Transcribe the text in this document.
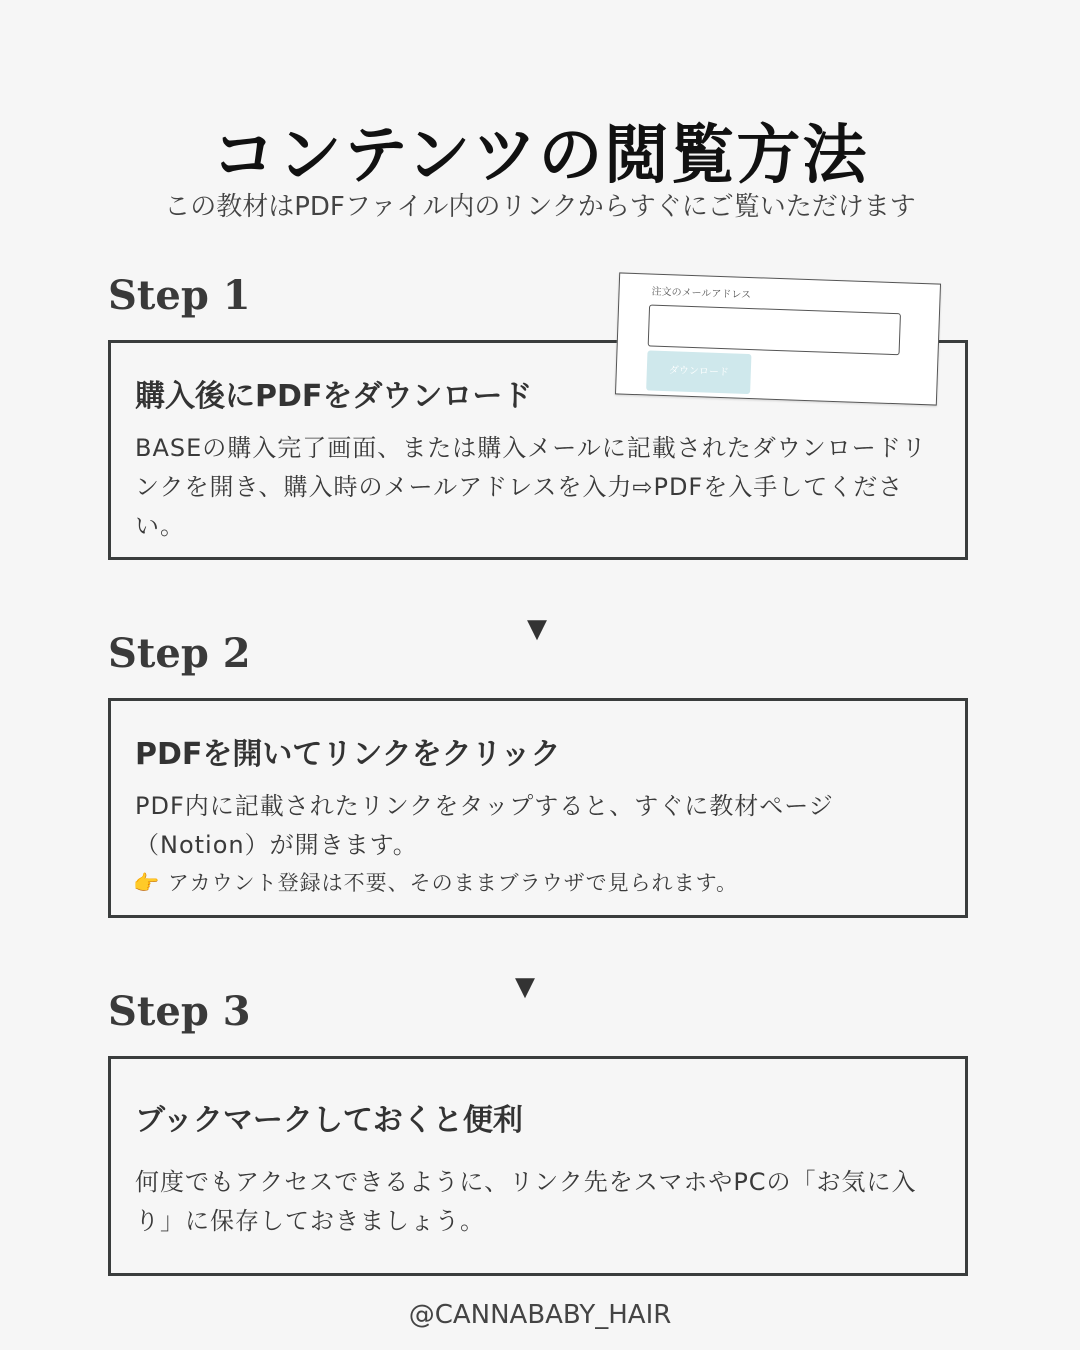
コンテンツの閲覧方法
この教材はPDFファイル内のリンクからすぐにご覧いただけます
Step 1
購入後にPDFをダウンロード
BASEの購入完了画面、または購入メールに記載されたダウンロードリンクを開き、購入時のメールアドレスを入力⇨PDFを入手してください。
注文のメールアドレス
ダウンロード
▼
Step 2
PDFを開いてリンクをクリック
PDF内に記載されたリンクをタップすると、すぐに教材ページ（Notion）が開きます。
👉 アカウント登録は不要、そのままブラウザで見られます。
▼
Step 3
ブックマークしておくと便利
何度でもアクセスできるように、リンク先をスマホやPCの「お気に入り」に保存しておきましょう。
@CANNABABY_HAIR
